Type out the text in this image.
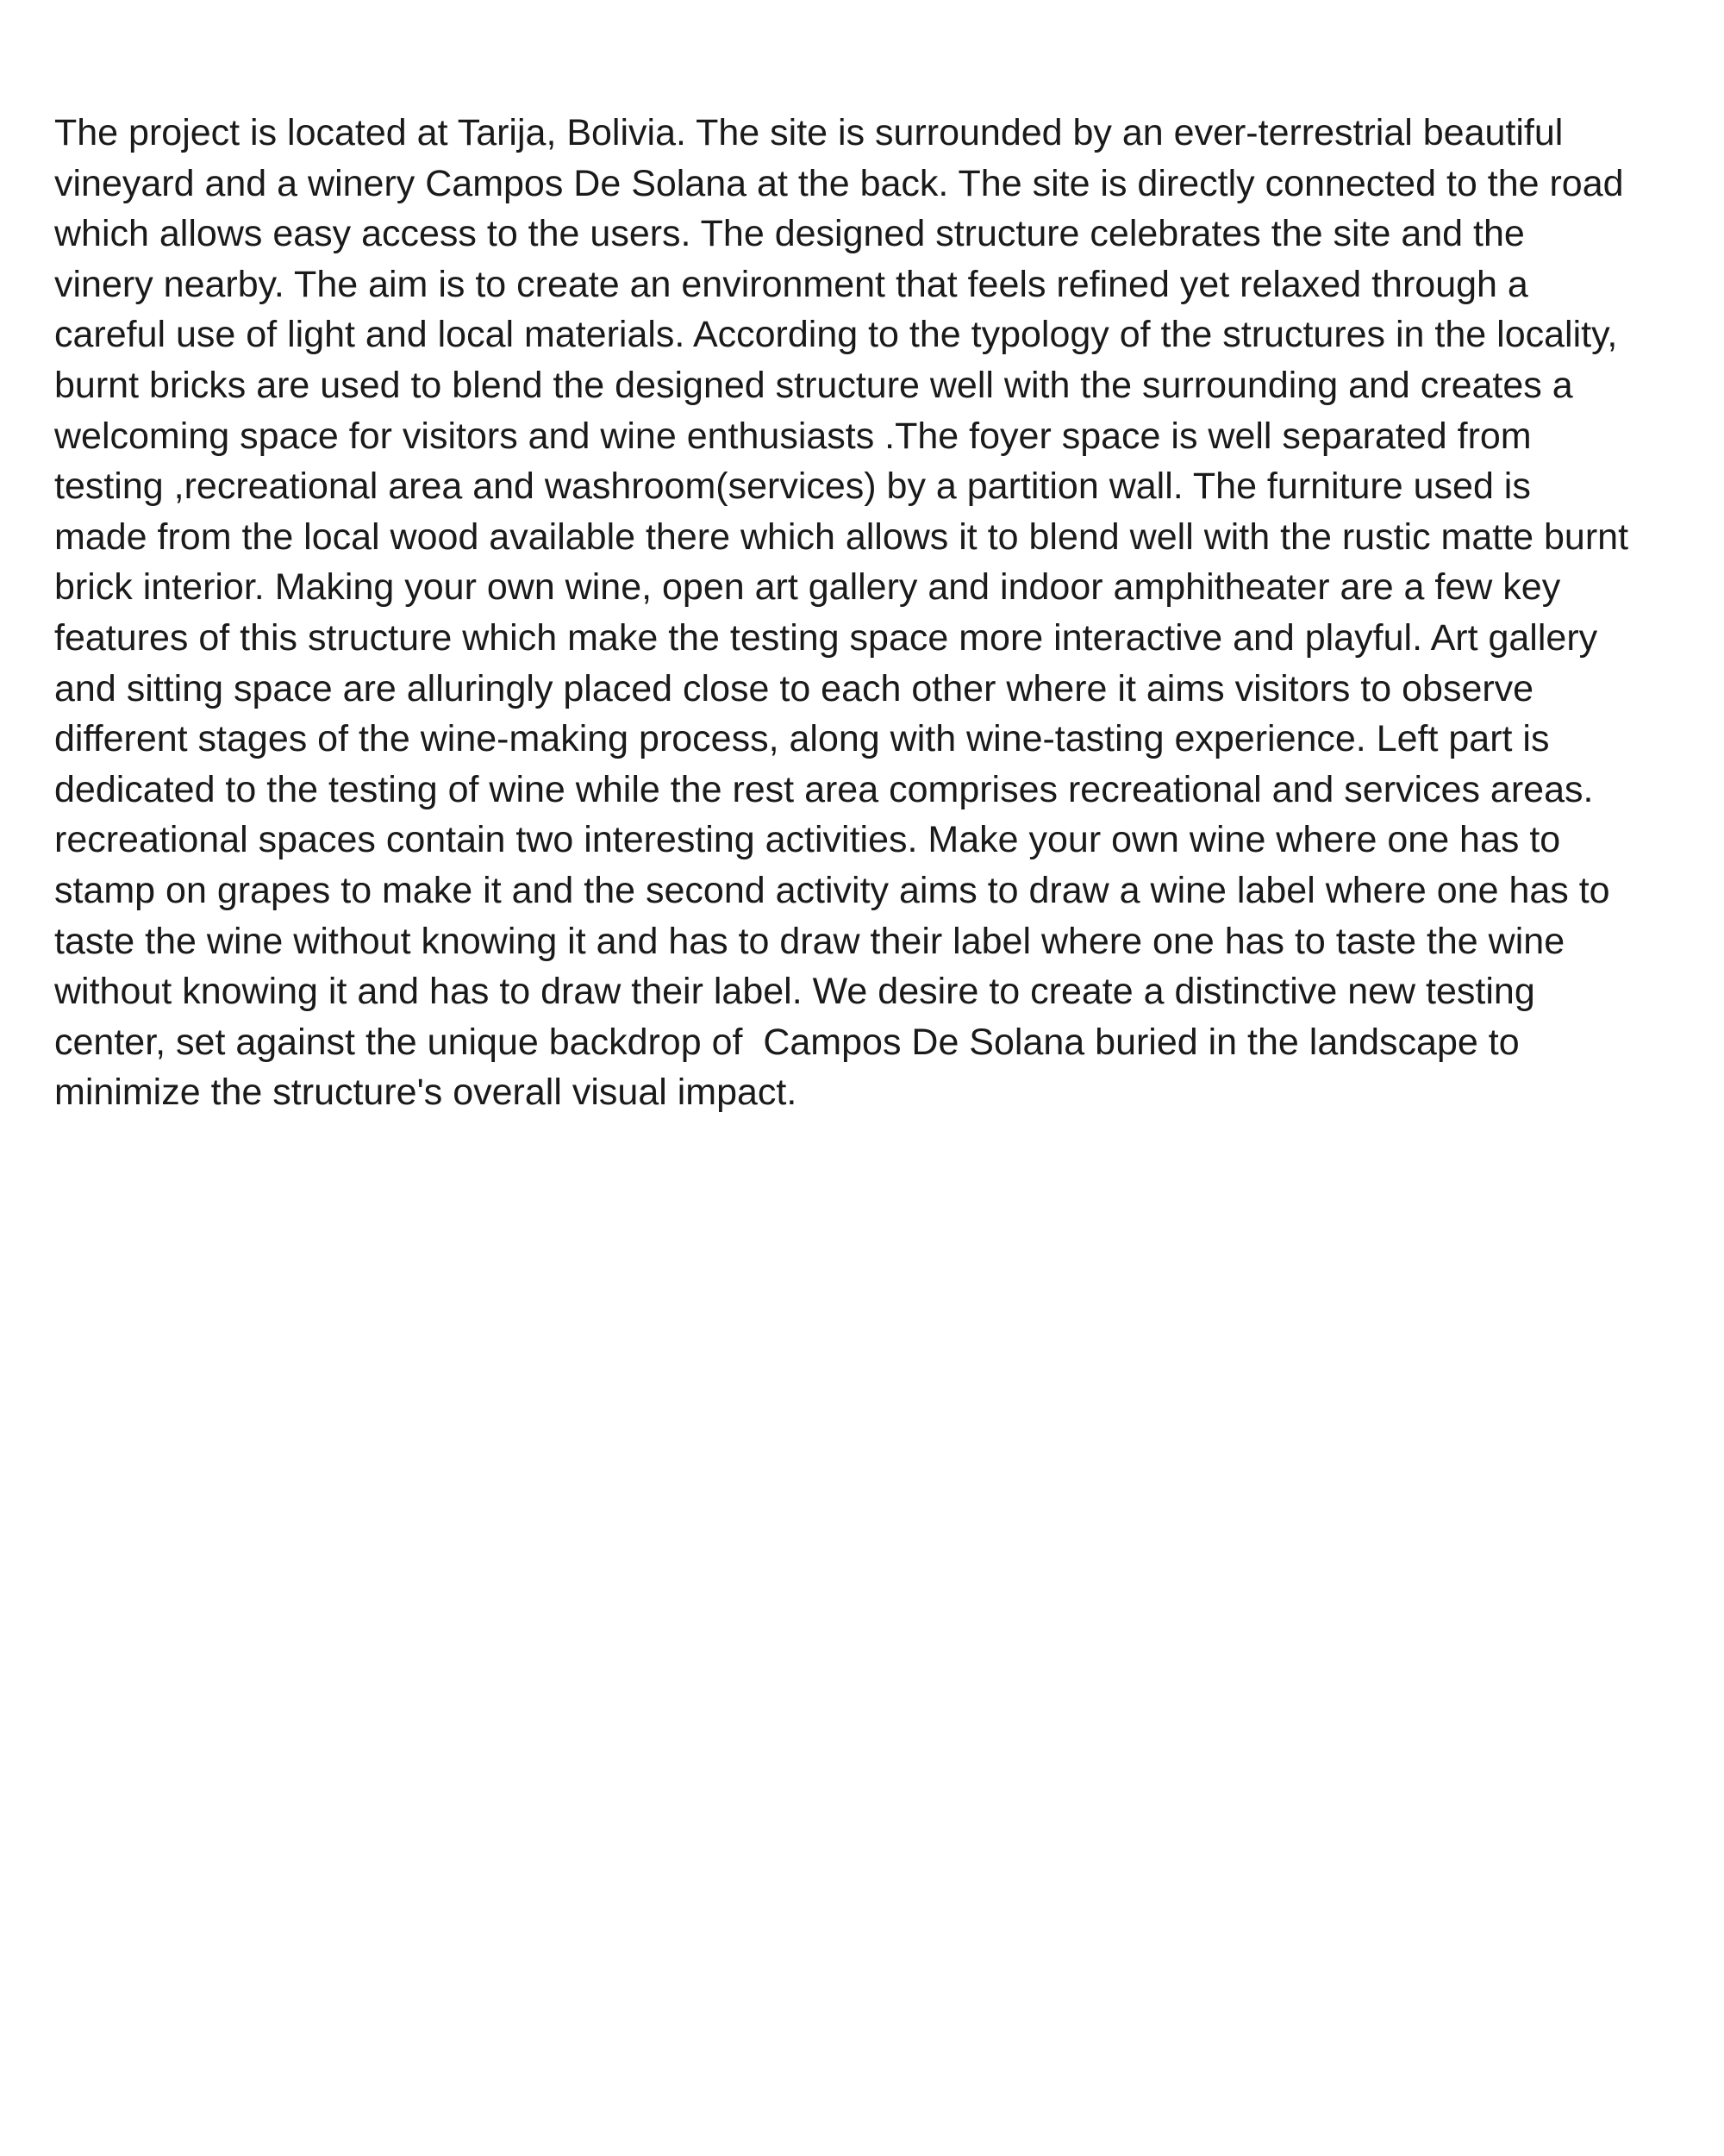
The project is located at Tarija, Bolivia. The site is surrounded by an ever-terrestrial beautiful
vineyard and a winery Campos De Solana at the back. The site is directly connected to the road
which allows easy access to the users. The designed structure celebrates the site and the
vinery nearby. The aim is to create an environment that feels refined yet relaxed through a
careful use of light and local materials. According to the typology of the structures in the locality,
burnt bricks are used to blend the designed structure well with the surrounding and creates a
welcoming space for visitors and wine enthusiasts .The foyer space is well separated from
testing ,recreational area and washroom(services) by a partition wall. The furniture used is
made from the local wood available there which allows it to blend well with the rustic matte burnt
brick interior. Making your own wine, open art gallery and indoor amphitheater are a few key
features of this structure which make the testing space more interactive and playful. Art gallery
and sitting space are alluringly placed close to each other where it aims visitors to observe
different stages of the wine-making process, along with wine-tasting experience. Left part is
dedicated to the testing of wine while the rest area comprises recreational and services areas.
recreational spaces contain two interesting activities. Make your own wine where one has to
stamp on grapes to make it and the second activity aims to draw a wine label where one has to
taste the wine without knowing it and has to draw their label where one has to taste the wine
without knowing it and has to draw their label. We desire to create a distinctive new testing
center, set against the unique backdrop of  Campos De Solana buried in the landscape to
minimize the structure's overall visual impact.
